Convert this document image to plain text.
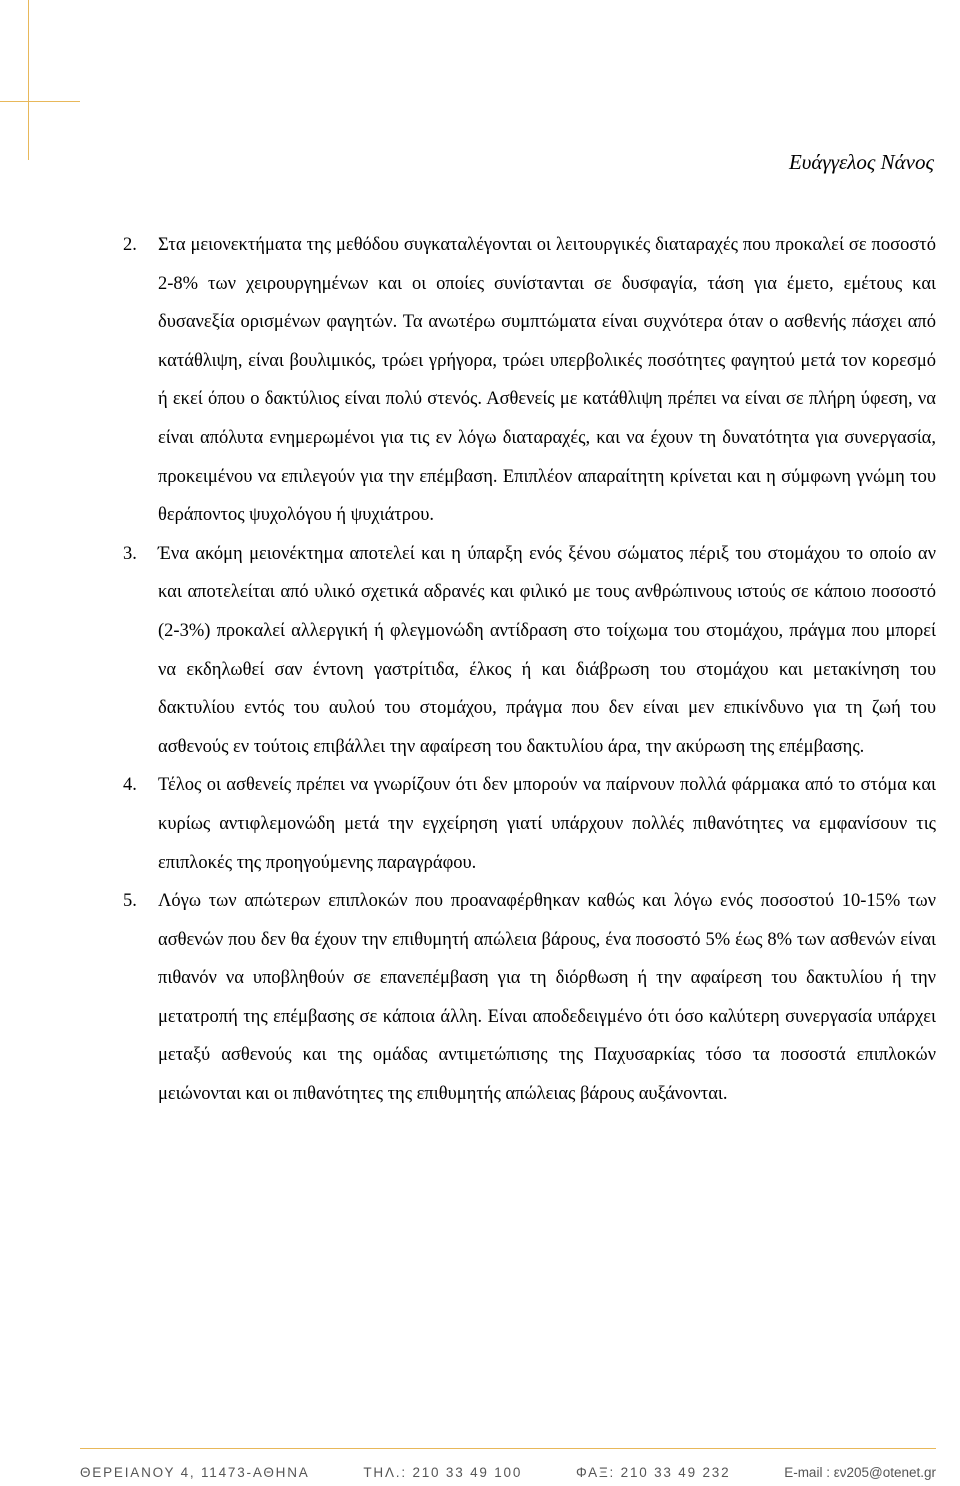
Ευάγγελος Νάνος
2. Στα μειονεκτήματα της μεθόδου συγκαταλέγονται οι λειτουργικές διαταραχές που προκαλεί σε ποσοστό 2-8% των χειρουργημένων και οι οποίες συνίστανται σε δυσφαγία, τάση για έμετο, εμέτους και δυσανεξία ορισμένων φαγητών. Τα ανωτέρω συμπτώματα είναι συχνότερα όταν ο ασθενής πάσχει από κατάθλιψη, είναι βουλιμικός, τρώει γρήγορα, τρώει υπερβολικές ποσότητες φαγητού μετά τον κορεσμό ή εκεί όπου ο δακτύλιος είναι πολύ στενός. Ασθενείς με κατάθλιψη πρέπει να είναι σε πλήρη ύφεση, να είναι απόλυτα ενημερωμένοι για τις εν λόγω διαταραχές, και να έχουν τη δυνατότητα για συνεργασία, προκειμένου να επιλεγούν για την επέμβαση. Επιπλέον απαραίτητη κρίνεται και η σύμφωνη γνώμη του θεράποντος ψυχολόγου ή ψυχιάτρου.
3. Ένα ακόμη μειονέκτημα αποτελεί και η ύπαρξη ενός ξένου σώματος πέριξ του στομάχου το οποίο αν και αποτελείται από υλικό σχετικά αδρανές και φιλικό με τους ανθρώπινους ιστούς σε κάποιο ποσοστό (2-3%) προκαλεί αλλεργική ή φλεγμονώδη αντίδραση στο τοίχωμα του στομάχου, πράγμα που μπορεί να εκδηλωθεί σαν έντονη γαστρίτιδα, έλκος ή και διάβρωση του στομάχου και μετακίνηση του δακτυλίου εντός του αυλού του στομάχου, πράγμα που δεν είναι μεν επικίνδυνο για τη ζωή του ασθενούς εν τούτοις επιβάλλει την αφαίρεση του δακτυλίου άρα, την ακύρωση της επέμβασης.
4. Τέλος οι ασθενείς πρέπει να γνωρίζουν ότι δεν μπορούν να παίρνουν πολλά φάρμακα από το στόμα και κυρίως αντιφλεμονώδη μετά την εγχείρηση γιατί υπάρχουν πολλές πιθανότητες να εμφανίσουν τις επιπλοκές της προηγούμενης παραγράφου.
5. Λόγω των απώτερων επιπλοκών που προαναφέρθηκαν καθώς και λόγω ενός ποσοστού 10-15% των ασθενών που δεν θα έχουν την επιθυμητή απώλεια βάρους, ένα ποσοστό 5% έως 8% των ασθενών είναι πιθανόν να υποβληθούν σε επανεπέμβαση για τη διόρθωση ή την αφαίρεση του δακτυλίου ή την μετατροπή της επέμβασης σε κάποια άλλη. Είναι αποδεδειγμένο ότι όσο καλύτερη συνεργασία υπάρχει μεταξύ ασθενούς και της ομάδας αντιμετώπισης της Παχυσαρκίας τόσο τα ποσοστά επιπλοκών μειώνονται και οι πιθανότητες της επιθυμητής απώλειας βάρους αυξάνονται.
ΘΕΡΕΙΑΝΟΥ 4, 11473-ΑΘΗΝΑ	ΤΗΛ.: 210 33 49 100	ΦΑΞ: 210 33 49 232	E-mail : εν205@otenet.gr
